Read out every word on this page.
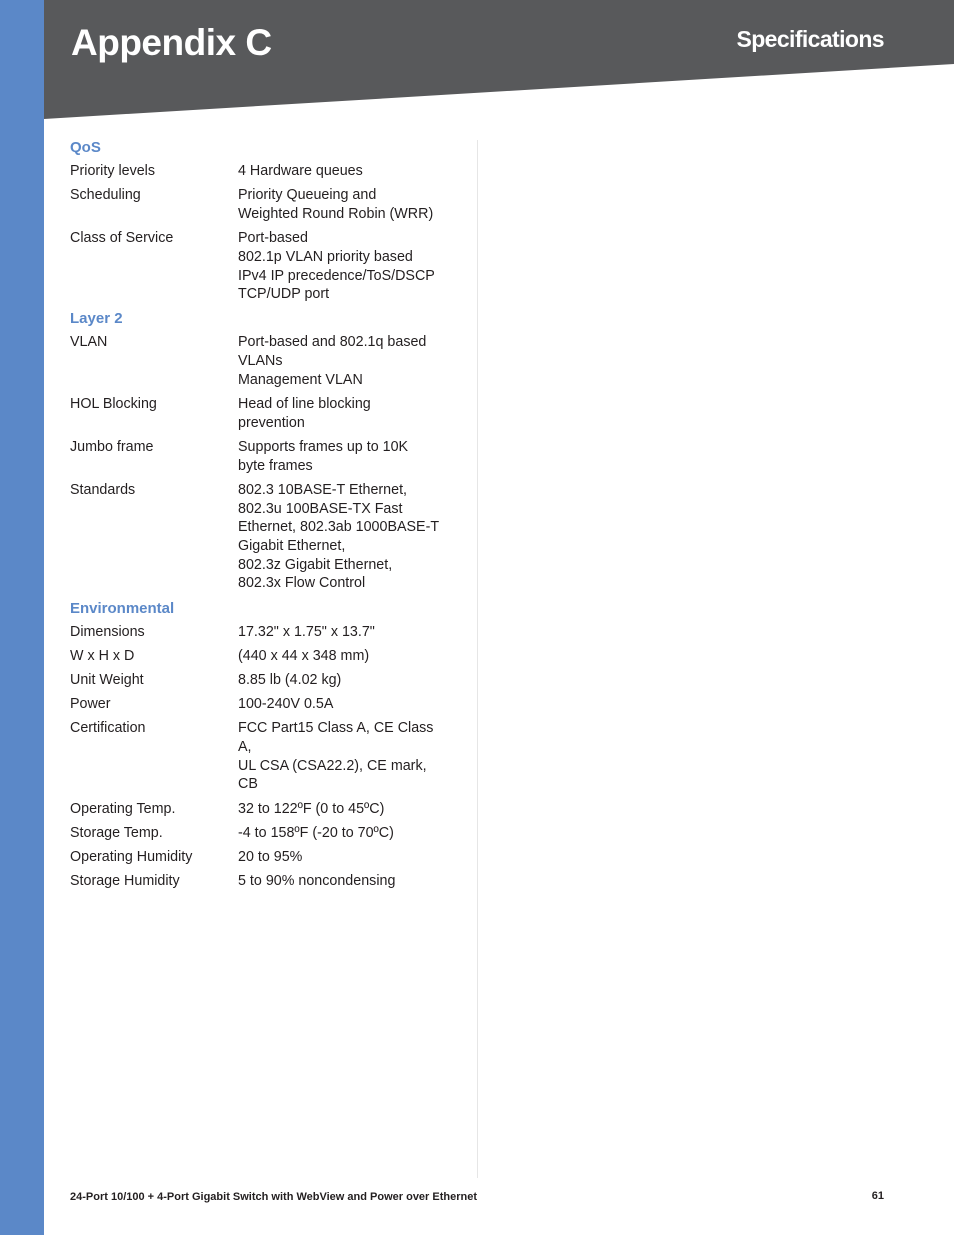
Appendix C	Specifications
QoS
Priority levels	4 Hardware queues
Scheduling	Priority Queueing and
Weighted Round Robin (WRR)
Class of Service	Port-based
802.1p VLAN priority based
IPv4 IP precedence/ToS/DSCP
TCP/UDP port
Layer 2
VLAN	Port-based and 802.1q based
VLANs
Management VLAN
HOL Blocking	Head of line blocking
prevention
Jumbo frame	Supports frames up to 10K
byte frames
Standards	802.3 10BASE-T Ethernet,
802.3u 100BASE-TX Fast
Ethernet, 802.3ab 1000BASE-T
Gigabit Ethernet,
802.3z Gigabit Ethernet,
802.3x Flow Control
Environmental
Dimensions	17.32" x 1.75" x 13.7"
W x H x D	(440 x 44 x 348 mm)
Unit Weight	8.85 lb (4.02 kg)
Power	100-240V 0.5A
Certification	FCC Part15 Class A, CE Class A,
UL CSA (CSA22.2), CE mark, CB
Operating Temp.	32 to 122ºF (0 to 45ºC)
Storage Temp.	-4 to 158ºF (-20 to 70ºC)
Operating Humidity	20 to 95%
Storage Humidity	5 to 90% noncondensing
24-Port 10/100 + 4-Port Gigabit Switch with WebView and Power over Ethernet	61
